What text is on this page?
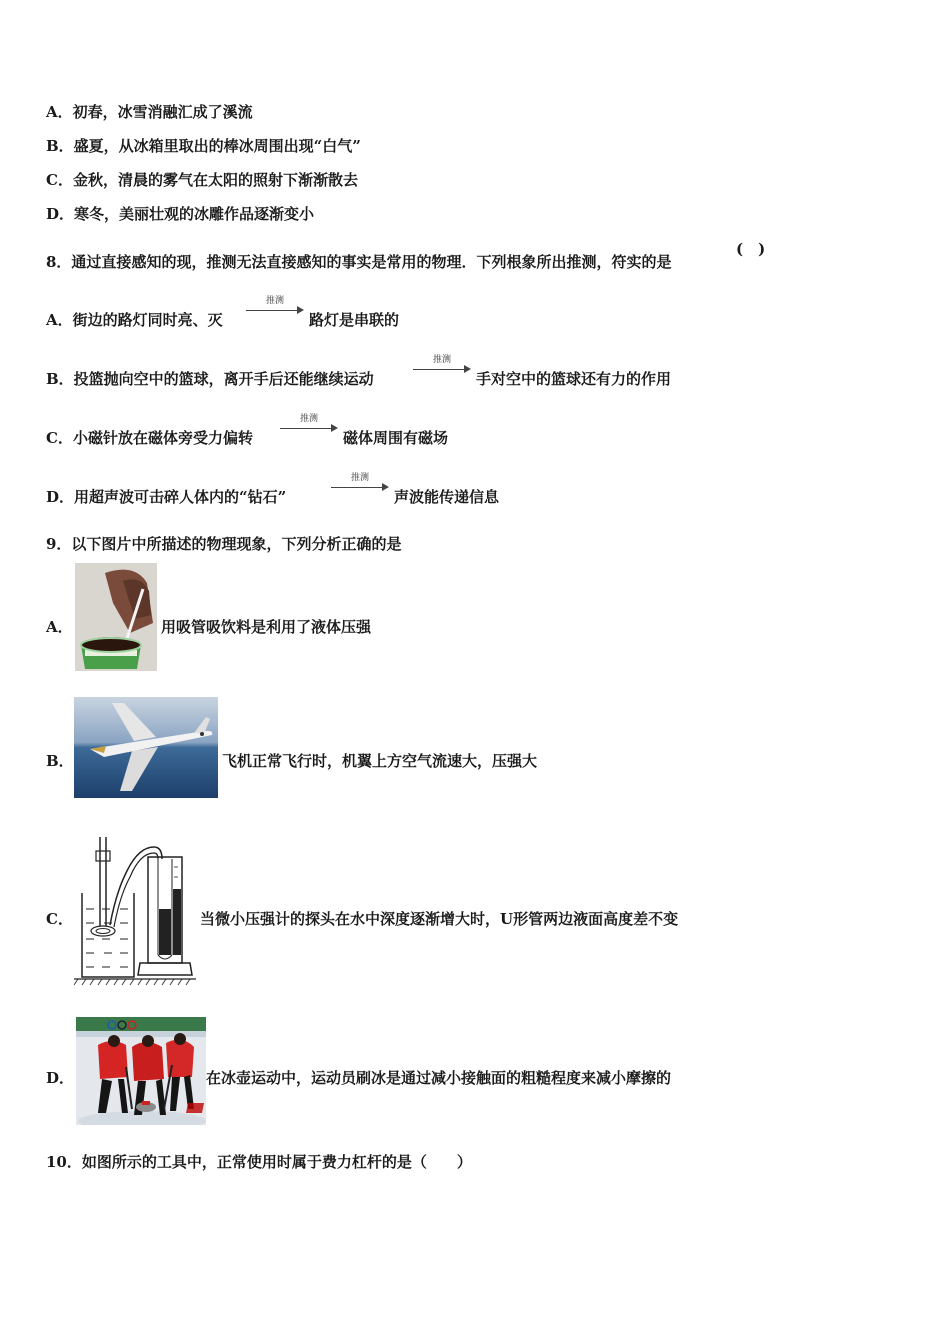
A．初春，冰雪消融汇成了溪流
B．盛夏，从冰箱里取出的棒冰周围出现“白气”
C．金秋，清晨的雾气在太阳的照射下渐渐散去
D．寒冬，美丽壮观的冰雕作品逐渐变小
8．通过直接感知的现，推测无法直接感知的事实是常用的物理．下列根象所出推测，符实的是
(　)
A．街边的路灯同时亮、灭
推测
路灯是串联的
B．投篮抛向空中的篮球，离开手后还能继续运动
推测
手对空中的篮球还有力的作用
C．小磁针放在磁体旁受力偏转
推测
磁体周围有磁场
D．用超声波可击碎人体内的“钻石”
推测
声波能传递信息
9．以下图片中所描述的物理现象，下列分析正确的是
A．	用吸管吸饮料是利用了液体压强
B．	飞机正常飞行时，机翼上方空气流速大，压强大
C．	当微小压强计的探头在水中深度逐渐增大时，U形管两边液面高度差不变
D．	在冰壶运动中，运动员刷冰是通过减小接触面的粗糙程度来减小摩擦的
10．如图所示的工具中，正常使用时属于费力杠杆的是（　　）
